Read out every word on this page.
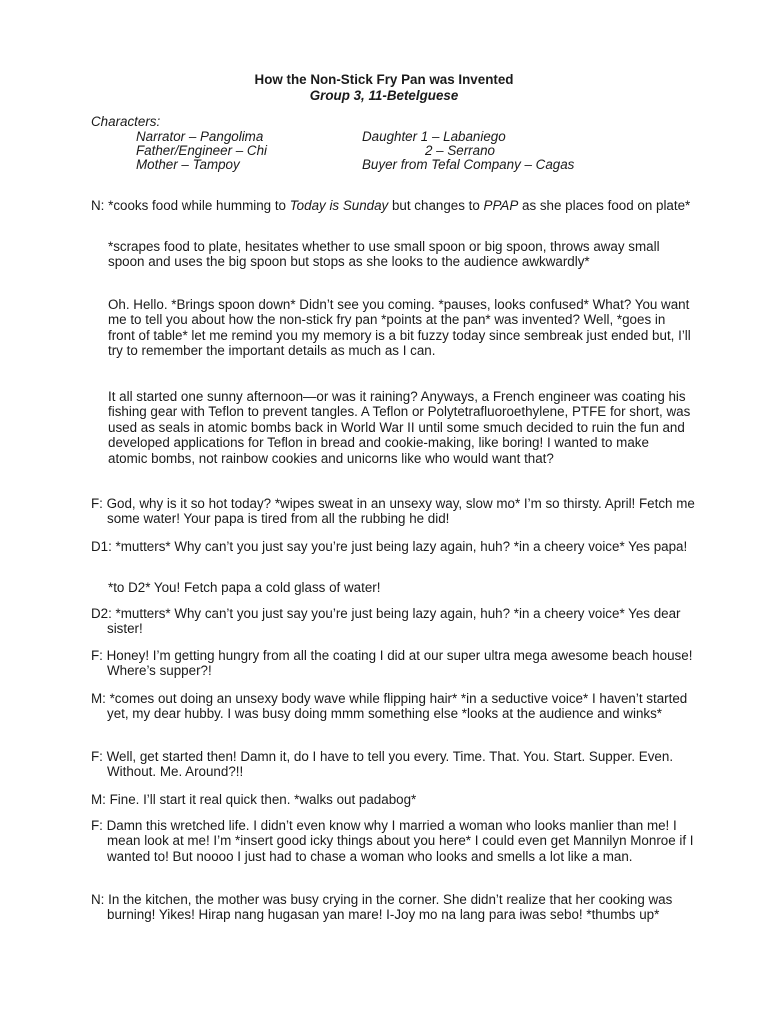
How the Non-Stick Fry Pan was Invented
Group 3, 11-Betelguese
Characters:
Narrator – Pangolima	Daughter 1 – Labaniego
Father/Engineer – Chi	2 – Serrano
Mother – Tampoy	Buyer from Tefal Company – Cagas
N: *cooks food while humming to Today is Sunday but changes to PPAP as she places food on plate*
*scrapes food to plate, hesitates whether to use small spoon or big spoon, throws away small spoon and uses the big spoon but stops as she looks to the audience awkwardly*
Oh. Hello. *Brings spoon down* Didn’t see you coming. *pauses, looks confused* What? You want me to tell you about how the non-stick fry pan *points at the pan* was invented? Well, *goes in front of table* let me remind you my memory is a bit fuzzy today since sembreak just ended but, I’ll try to remember the important details as much as I can.
It all started one sunny afternoon—or was it raining? Anyways, a French engineer was coating his fishing gear with Teflon to prevent tangles. A Teflon or Polytetrafluoroethylene, PTFE for short, was used as seals in atomic bombs back in World War II until some smuch decided to ruin the fun and developed applications for Teflon in bread and cookie-making, like boring! I wanted to make atomic bombs, not rainbow cookies and unicorns like who would want that?
F: God, why is it so hot today? *wipes sweat in an unsexy way, slow mo* I’m so thirsty. April! Fetch me some water! Your papa is tired from all the rubbing he did!
D1: *mutters* Why can’t you just say you’re just being lazy again, huh? *in a cheery voice* Yes papa!
*to D2* You! Fetch papa a cold glass of water!
D2: *mutters* Why can’t you just say you’re just being lazy again, huh? *in a cheery voice* Yes dear sister!
F: Honey! I’m getting hungry from all the coating I did at our super ultra mega awesome beach house! Where’s supper?!
M: *comes out doing an unsexy body wave while flipping hair* *in a seductive voice* I haven’t started yet, my dear hubby. I was busy doing mmm something else *looks at the audience and winks*
F: Well, get started then! Damn it, do I have to tell you every. Time. That. You. Start. Supper. Even. Without. Me. Around?!!
M: Fine. I’ll start it real quick then. *walks out padabog*
F: Damn this wretched life. I didn’t even know why I married a woman who looks manlier than me! I mean look at me! I’m *insert good icky things about you here* I could even get Mannilyn Monroe if I wanted to! But noooo I just had to chase a woman who looks and smells a lot like a man.
N: In the kitchen, the mother was busy crying in the corner. She didn’t realize that her cooking was burning! Yikes! Hirap nang hugasan yan mare! I-Joy mo na lang para iwas sebo! *thumbs up*
